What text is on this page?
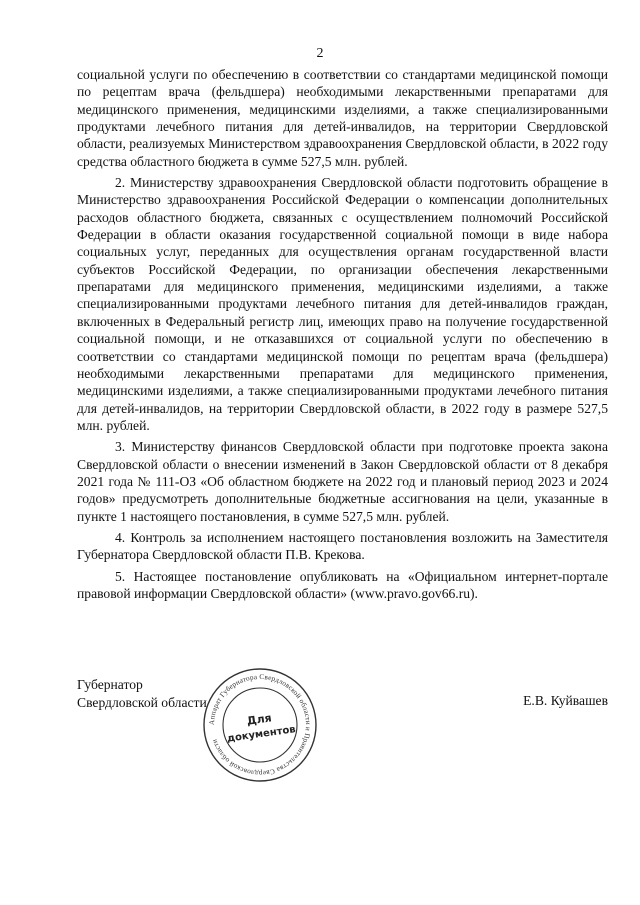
2

социальной услуги по обеспечению в соответствии со стандартами медицинской помощи по рецептам врача (фельдшера) необходимыми лекарственными препаратами для медицинского применения, медицинскими изделиями, а также специализированными продуктами лечебного питания для детей-инвалидов, на территории Свердловской области, реализуемых Министерством здравоохранения Свердловской области, в 2022 году средства областного бюджета в сумме 527,5 млн. рублей.

2. Министерству здравоохранения Свердловской области подготовить обращение в Министерство здравоохранения Российской Федерации о компенсации дополнительных расходов областного бюджета, связанных с осуществлением полномочий Российской Федерации в области оказания государственной социальной помощи в виде набора социальных услуг, переданных для осуществления органам государственной власти субъектов Российской Федерации, по организации обеспечения лекарственными препаратами для медицинского применения, медицинскими изделиями, а также специализированными продуктами лечебного питания для детей-инвалидов граждан, включенных в Федеральный регистр лиц, имеющих право на получение государственной социальной помощи, и не отказавшихся от социальной услуги по обеспечению в соответствии со стандартами медицинской помощи по рецептам врача (фельдшера) необходимыми лекарственными препаратами для медицинского применения, медицинскими изделиями, а также специализированными продуктами лечебного питания для детей-инвалидов, на территории Свердловской области, в 2022 году в размере 527,5 млн. рублей.

3. Министерству финансов Свердловской области при подготовке проекта закона Свердловской области о внесении изменений в Закон Свердловской области от 8 декабря 2021 года № 111-ОЗ «Об областном бюджете на 2022 год и плановый период 2023 и 2024 годов» предусмотреть дополнительные бюджетные ассигнования на цели, указанные в пункте 1 настоящего постановления, в сумме 527,5 млн. рублей.

4. Контроль за исполнением настоящего постановления возложить на Заместителя Губернатора Свердловской области П.В. Крекова.

5. Настоящее постановление опубликовать на «Официальном интернет-портале правовой информации Свердловской области» (www.pravo.gov66.ru).

Губернатор
Свердловской области	Е.В. Куйвашев
Аппарат Губернатора Свердловской области и Правительства Свердловской области
Для
документов
